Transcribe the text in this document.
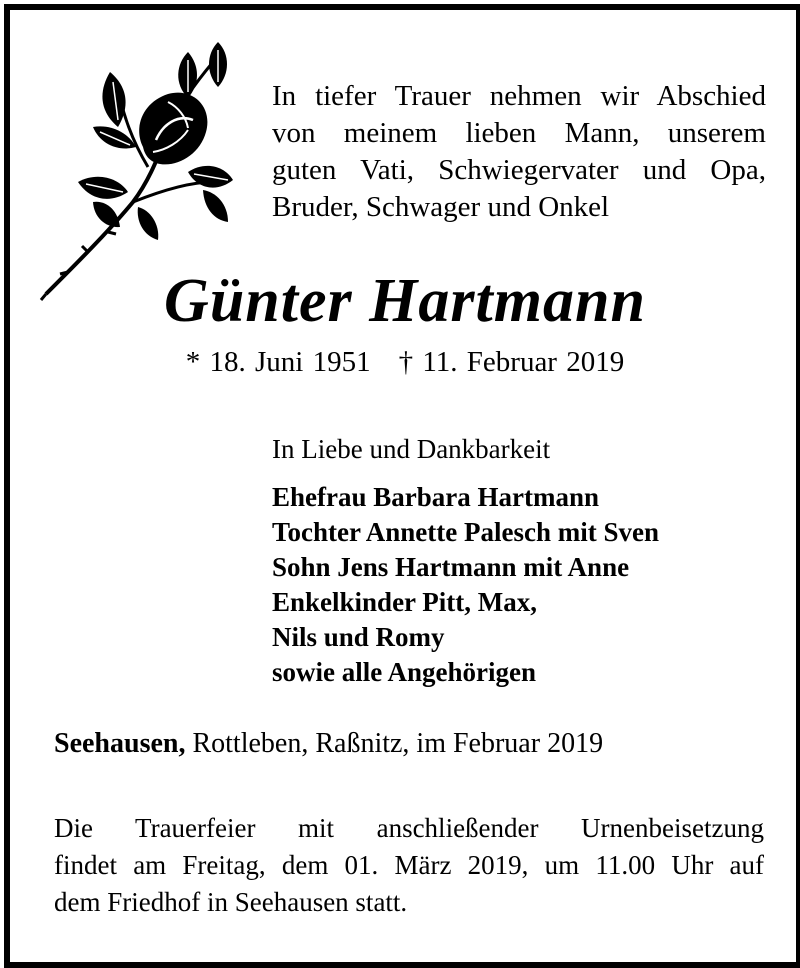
In tiefer Trauer nehmen wir Abschied
von meinem lieben Mann, unserem
guten Vati, Schwiegervater und Opa,
Bruder, Schwager und Onkel
Günter Hartmann
* 18. Juni 1951 † 11. Februar 2019
In Liebe und Dankbarkeit
Ehefrau Barbara Hartmann
Tochter Annette Palesch mit Sven
Sohn Jens Hartmann mit Anne
Enkelkinder Pitt, Max,
Nils und Romy
sowie alle Angehörigen
Seehausen, Rottleben, Raßnitz, im Februar 2019
Die Trauerfeier mit anschließender Urnenbeisetzung
findet am Freitag, dem 01. März 2019, um 11.00 Uhr auf
dem Friedhof in Seehausen statt.
